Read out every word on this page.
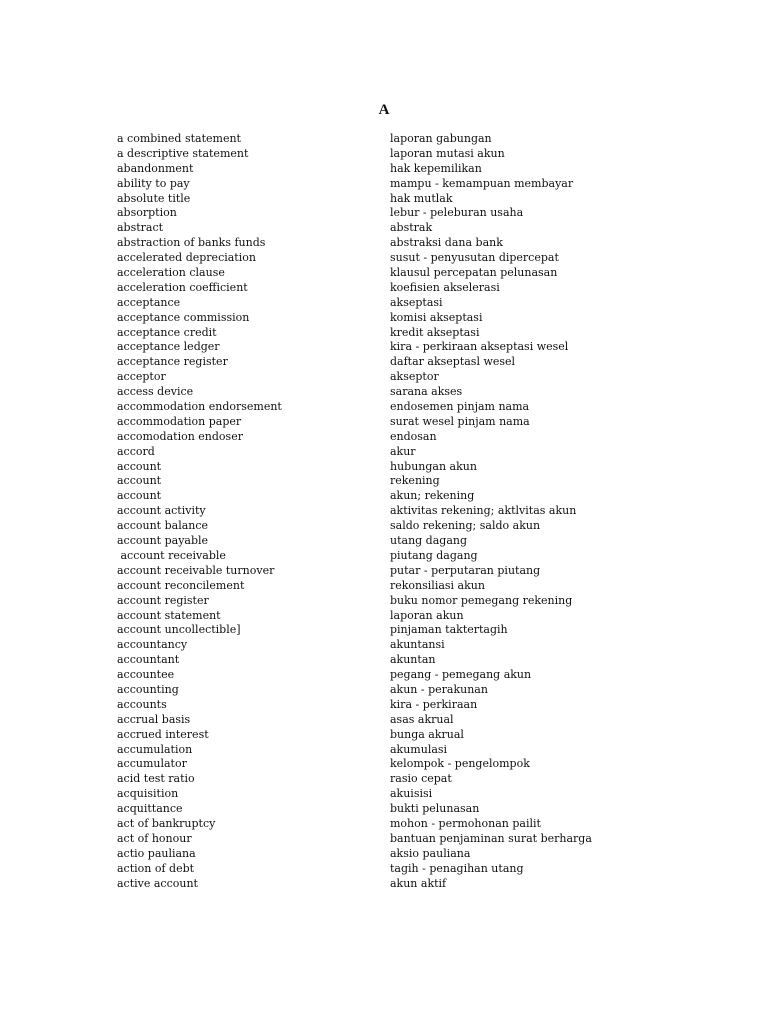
A
a combined statement	laporan gabungan
a descriptive statement	laporan mutasi akun
abandonment	hak kepemilikan
ability to pay	mampu - kemampuan membayar
absolute title	hak mutlak
absorption	lebur - peleburan usaha
abstract	abstrak
abstraction of banks funds	abstraksi dana bank
accelerated depreciation	susut - penyusutan dipercepat
acceleration clause	klausul percepatan pelunasan
acceleration coefficient	koefisien akselerasi
acceptance	akseptasi
acceptance commission	komisi akseptasi
acceptance credit	kredit akseptasi
acceptance ledger	kira - perkiraan akseptasi wesel
acceptance register	daftar akseptasl wesel
acceptor	akseptor
access device	sarana akses
accommodation endorsement	endosemen pinjam nama
accommodation paper	surat wesel pinjam nama
accomodation endoser	endosan
accord	akur
account	hubungan akun
account	rekening
account	akun; rekening
account activity	aktivitas rekening; aktlvitas akun
account balance	saldo rekening; saldo akun
account payable	utang dagang
account receivable	piutang dagang
account receivable turnover	putar - perputaran piutang
account reconcilement	rekonsiliasi akun
account register	buku nomor pemegang rekening
account statement	laporan akun
account uncollectible]	pinjaman taktertagih
accountancy	akuntansi
accountant	akuntan
accountee	pegang - pemegang akun
accounting	akun - perakunan
accounts	kira - perkiraan
accrual basis	asas akrual
accrued interest	bunga akrual
accumulation	akumulasi
accumulator	kelompok - pengelompok
acid test ratio	rasio cepat
acquisition	akuisisi
acquittance	bukti pelunasan
act of bankruptcy	mohon - permohonan pailit
act of honour	bantuan penjaminan surat berharga
actio pauliana	aksio pauliana
action of debt	tagih - penagihan utang
active account	akun aktif
